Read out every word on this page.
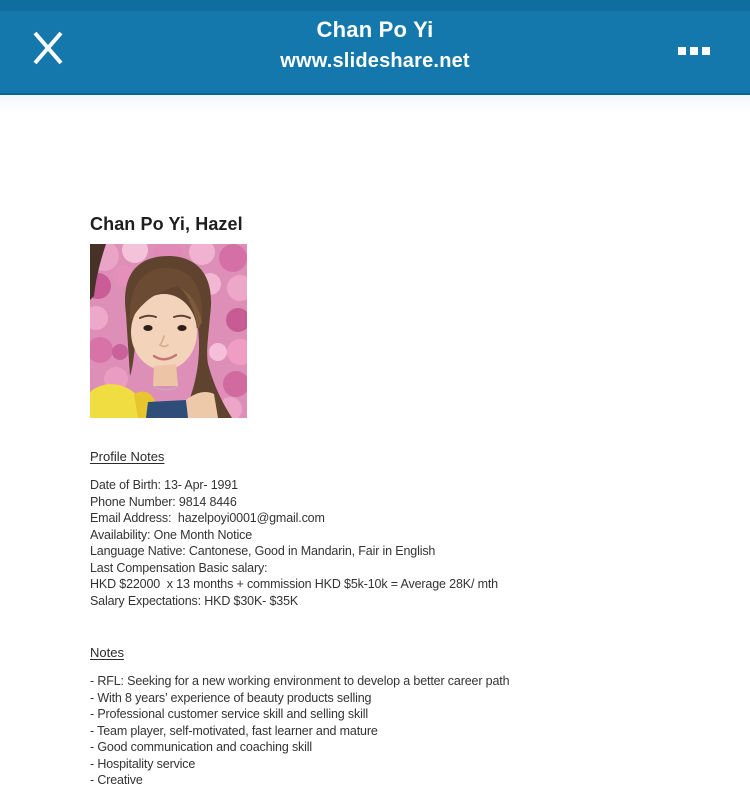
Chan Po Yi
www.slideshare.net
Chan Po Yi, Hazel
Profile Notes
Date of Birth: 13- Apr- 1991
Phone Number: 9814 8446
Email Address:  hazelpoyi0001@gmail.com
Availability: One Month Notice
Language Native: Cantonese, Good in Mandarin, Fair in English
Last Compensation Basic salary:
HKD $22000  x 13 months + commission HKD $5k-10k = Average 28K/ mth
Salary Expectations: HKD $30K- $35K
Notes
- RFL: Seeking for a new working environment to develop a better career path
- With 8 years’ experience of beauty products selling
- Professional customer service skill and selling skill
- Team player, self-motivated, fast learner and mature
- Good communication and coaching skill
- Hospitality service
- Creative
